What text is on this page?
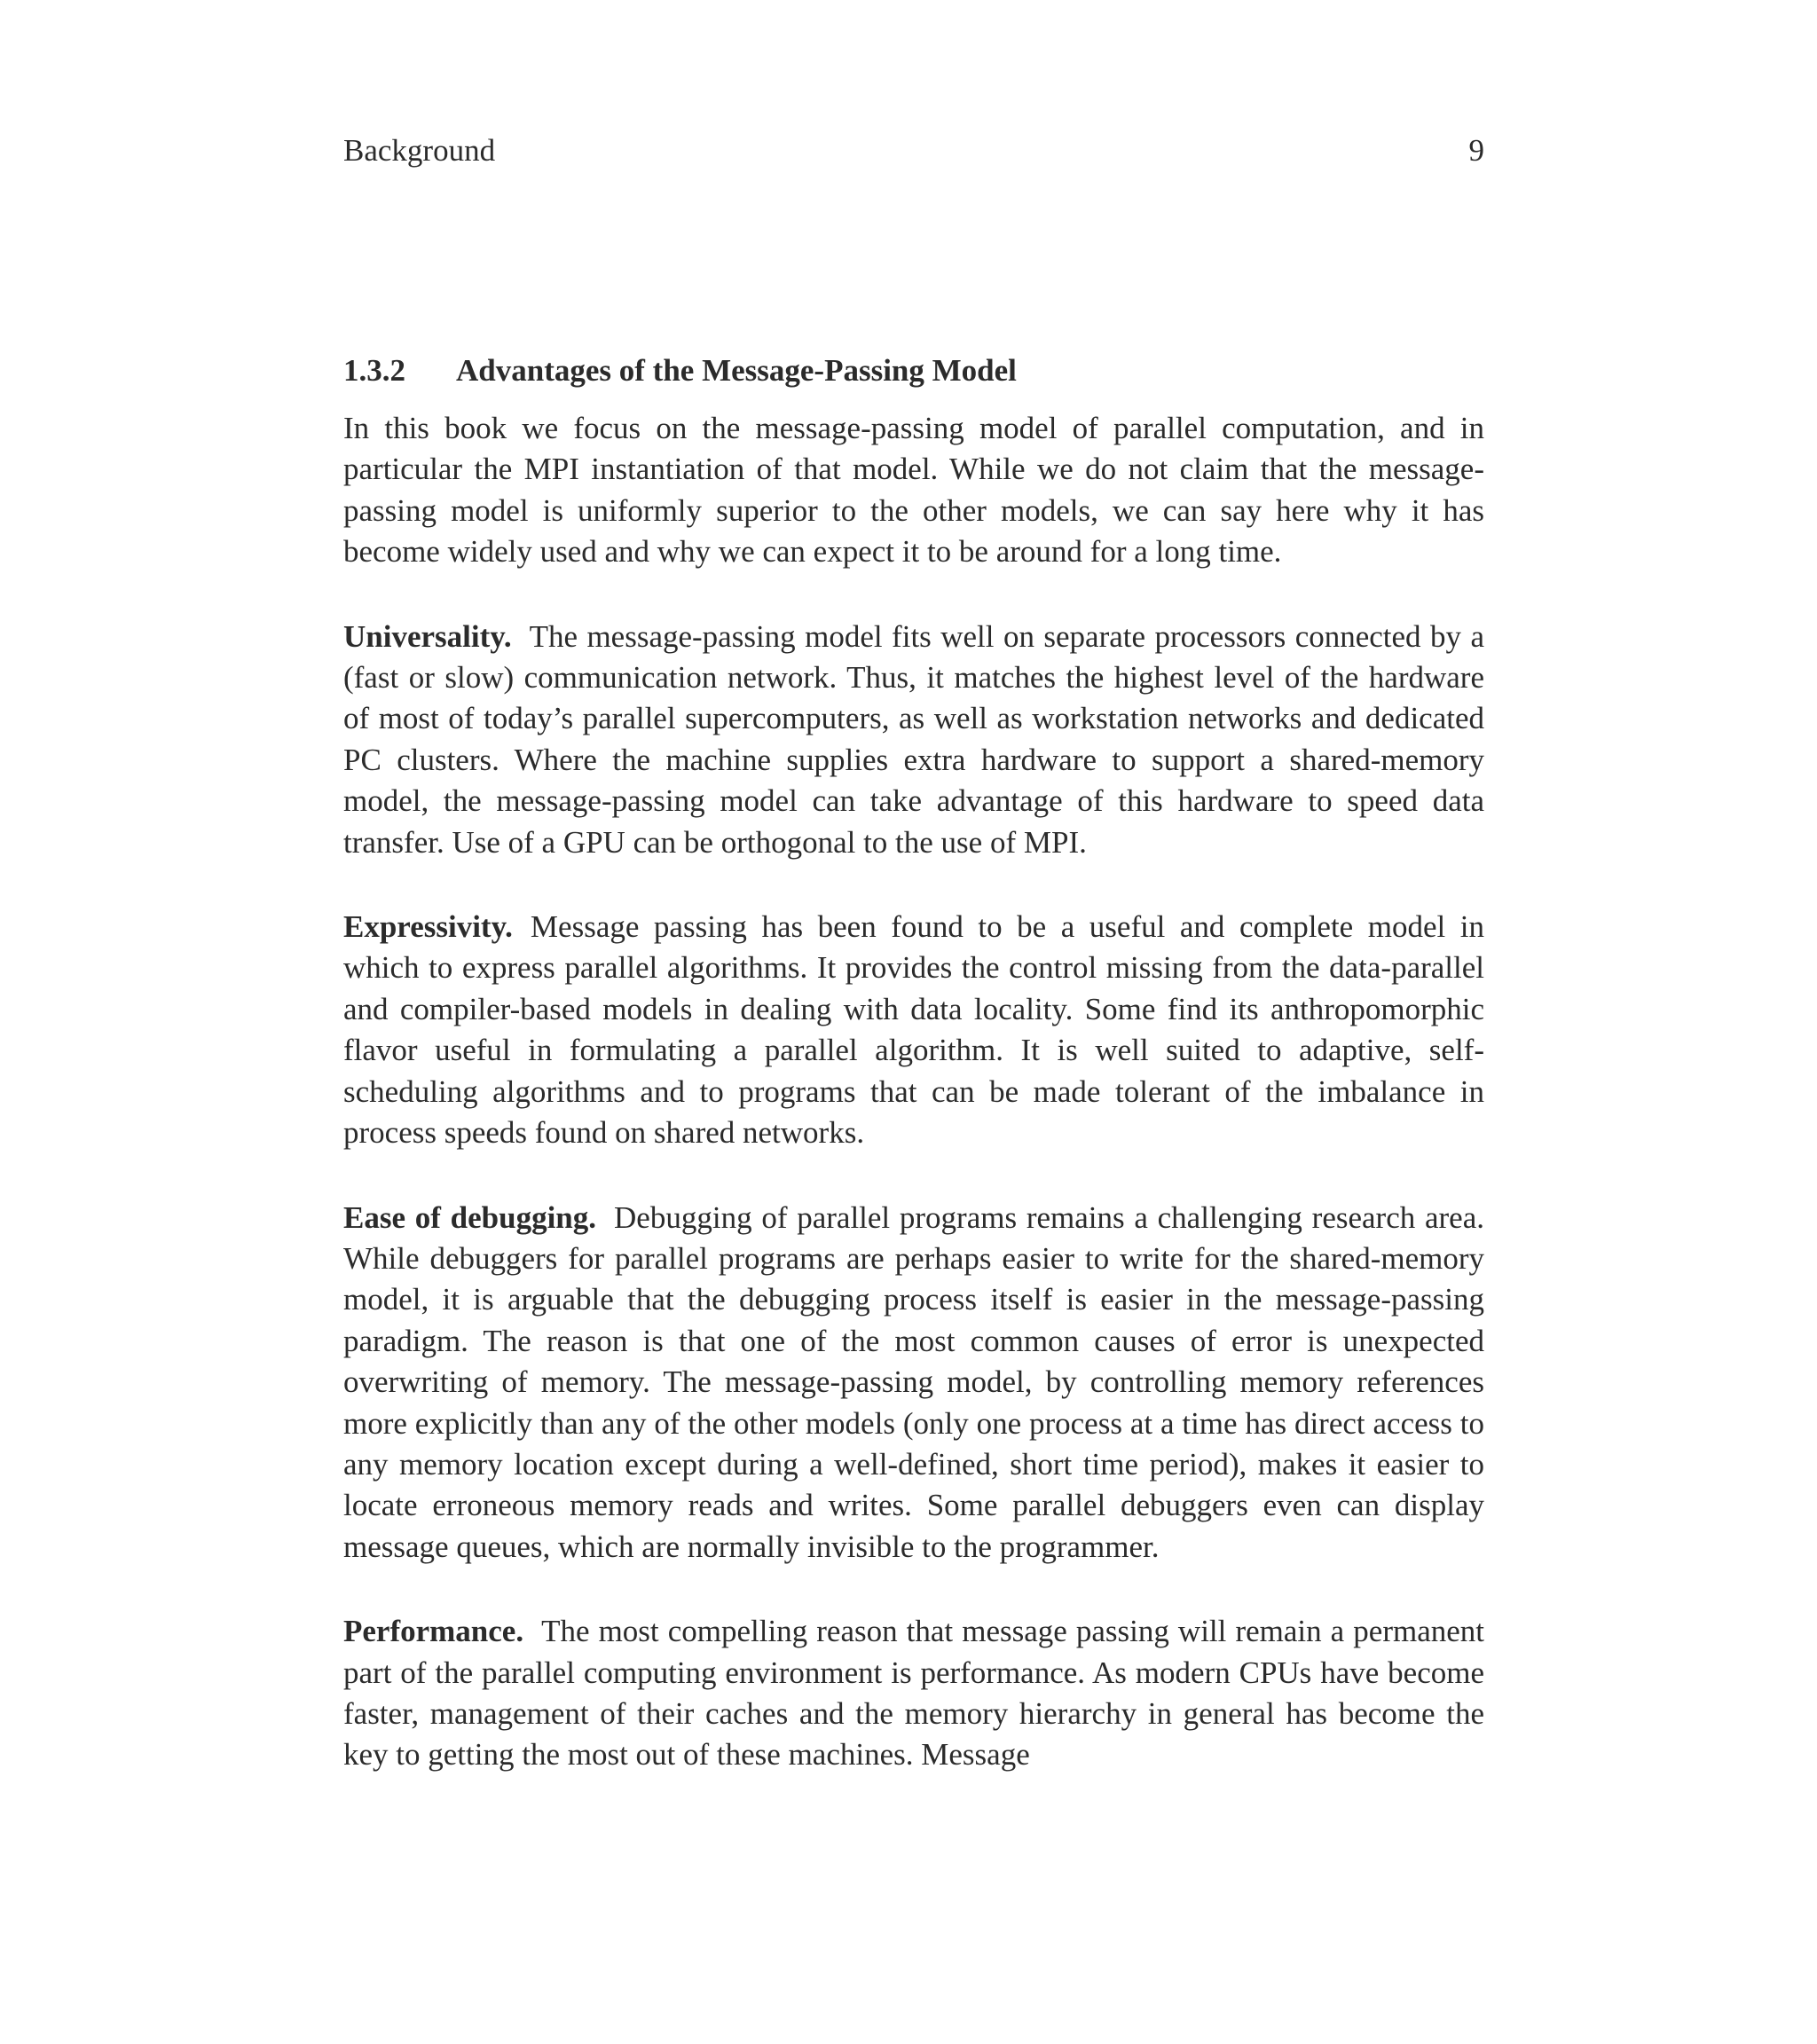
Background	9
1.3.2 Advantages of the Message-Passing Model

In this book we focus on the message-passing model of parallel computation, and in particular the MPI instantiation of that model. While we do not claim that the message-passing model is uniformly superior to the other models, we can say here why it has become widely used and why we can expect it to be around for a long time.

Universality. The message-passing model fits well on separate processors connected by a (fast or slow) communication network. Thus, it matches the highest level of the hardware of most of today’s parallel supercomputers, as well as workstation networks and dedicated PC clusters. Where the machine supplies extra hardware to support a shared-memory model, the message-passing model can take advantage of this hardware to speed data transfer. Use of a GPU can be orthogonal to the use of MPI.

Expressivity. Message passing has been found to be a useful and complete model in which to express parallel algorithms. It provides the control missing from the data-parallel and compiler-based models in dealing with data locality. Some find its anthropomorphic flavor useful in formulating a parallel algorithm. It is well suited to adaptive, self-scheduling algorithms and to programs that can be made tolerant of the imbalance in process speeds found on shared networks.

Ease of debugging. Debugging of parallel programs remains a challenging research area. While debuggers for parallel programs are perhaps easier to write for the shared-memory model, it is arguable that the debugging process itself is easier in the message-passing paradigm. The reason is that one of the most common causes of error is unexpected overwriting of memory. The message-passing model, by controlling memory references more explicitly than any of the other models (only one process at a time has direct access to any memory location except during a well-defined, short time period), makes it easier to locate erroneous memory reads and writes. Some parallel debuggers even can display message queues, which are normally invisible to the programmer.

Performance. The most compelling reason that message passing will remain a permanent part of the parallel computing environment is performance. As modern CPUs have become faster, management of their caches and the memory hierarchy in general has become the key to getting the most out of these machines. Message
